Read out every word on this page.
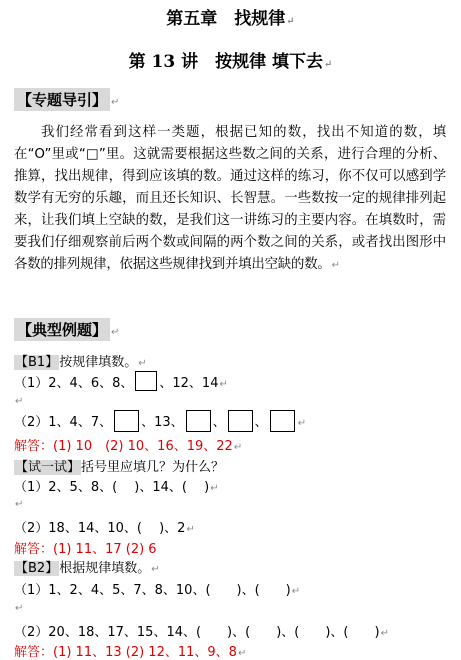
第五章　找规律↵
第 13 讲　按规律 填下去↵
【专题导引】 ↵
我们经常看到这样一类题，根据已知的数，找出不知道的数，填在“O”里或“□”里。这就需要根据这些数之间的关系，进行合理的分析、推算，找出规律，得到应该填的数。通过这样的练习，你不仅可以感到学数学有无穷的乐趣，而且还长知识、长智慧。一些数按一定的规律排列起来，让我们填上空缺的数，是我们这一讲练习的主要内容。在填数时，需要我们仔细观察前后两个数或间隔的两个数之间的关系，或者找出图形中各数的排列规律，依据这些规律找到并填出空缺的数。↵
【典型例题】 ↵
【B1】按规律填数。↵
（1）2、4、6、8、 、12、14↵
↵
（2）1、4、7、 、13、 、 、	↵
解答：(1) 10　(2) 10、16、19、22↵
【试一试】括号里应填几？为什么？
（1）2、5、8、(　 )、14、(　 )↵
↵
（2）18、14、10、(　 )、2↵
解答：(1) 11、17 (2) 6
【B2】根据规律填数。↵
（1）1、2、4、5、7、8、10、(　　)、(　　)↵
↵
（2）20、18、17、15、14、(　　)、(　　)、(　　)、(　　)↵
解答：(1) 11、13 (2) 12、11、9、8↵
